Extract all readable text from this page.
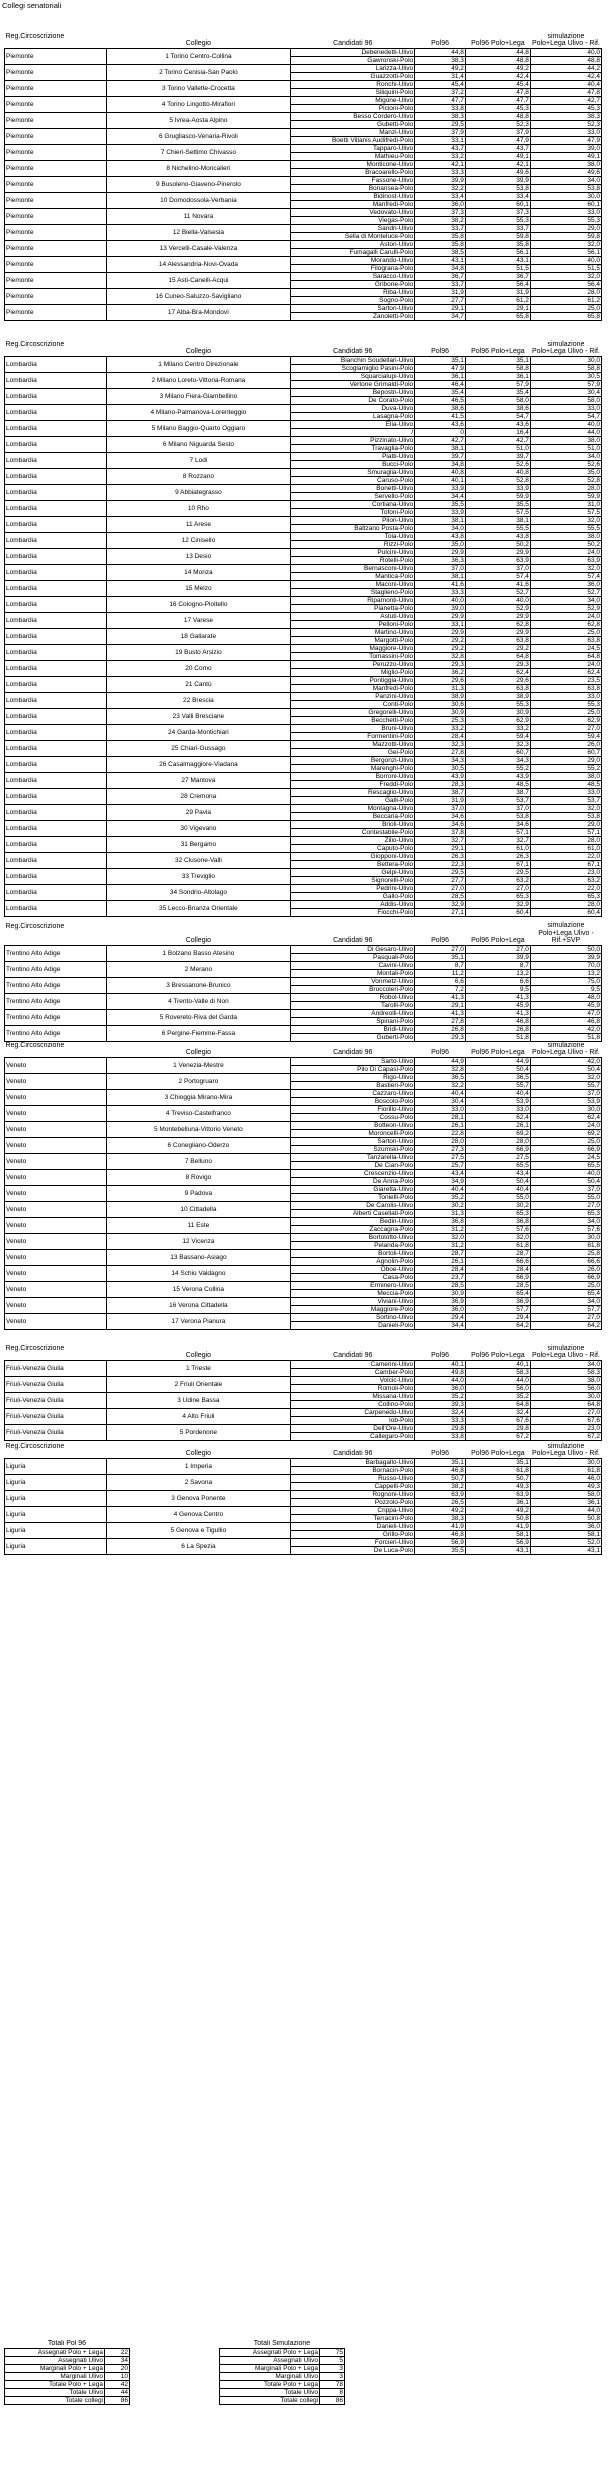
Collegi senatoriali
Reg.Circoscrizione	Collegio	Candidati 96	Pol96	Pol96 Polo+Lega	simulazione Polo+Lega Ulivo - Rif.
Piemonte	1 Torino Centro-Collina	Debenedetti-Ulivo	44,8	44,8	40,0
		Gawronski-Polo	38,3	48,8	48,8
Piemonte	2 Torino Cenisia-San Paolo	Larizza-Ulivo	49,2	49,2	44,2
		Guazzotti-Polo	31,4	42,4	42,4
Piemonte	3 Torino Vallette-Crocetta	Ronchi-Ulivo	45,4	45,4	40,4
		Siliquini-Polo	37,2	47,8	47,8
Piemonte	4 Torino Lingotto-Mirafiori	Migone-Ulivo	47,7	47,7	42,7
		Picioni-Polo	33,8	45,3	45,3
Piemonte	5 Ivrea-Aosta Alpino	Besso Cordero-Ulivo	38,3	48,8	38,3
		Gubetti-Polo	29,5	52,3	52,3
Piemonte	6 Grugliasco-Venaria-Rivoli	Manzi-Ulivo	37,9	37,9	33,0
		Boetti Villanis Audifredi-Polo	33,1	47,9	47,9
Piemonte	7 Chieri-Settimo Chivasso	Tapparo-Ulivo	43,7	43,7	39,0
		Mathieu-Polo	33,2	49,1	49,1
Piemonte	8 Nichelino-Moncalieri	Monticone-Ulivo	42,1	42,1	38,0
		Bracoarello-Polo	33,3	49,6	49,6
Piemonte	9 Busoleno-Giaveno-Pinerolo	Fassone-Ulivo	39,9	39,9	34,0
		Bonansea-Polo	32,2	53,8	53,8
Piemonte	10 Domodossola-Verbania	Bidinost-Ulivo	33,4	33,4	30,0
		Manfredi-Polo	36,0	60,1	60,1
Piemonte	11 Novara	Vedovato-Ulivo	37,3	37,3	33,0
		Viegas-Polo	38,2	55,3	55,3
Piemonte	12 Biella-Valsesia	Sandri-Ulivo	33,7	33,7	29,0
		Sella di Monteluce-Polo	35,8	59,8	59,8
Piemonte	13 Vercelli-Casale-Valenza	Astori-Ulivo	35,8	35,8	32,0
		Fumagalli Carulli-Polo	38,5	56,1	56,1
Piemonte	14 Alessandria-Novi-Ovada	Morando-Ulivo	43,1	43,1	40,0
		Filograna-Polo	34,8	51,5	51,5
Piemonte	15 Asti-Canelli-Acqui	Saracco-Ulivo	36,7	36,7	32,0
		Gribone-Polo	33,7	56,4	56,4
Piemonte	16 Cuneo-Saluzzo-Savigliano	Riba-Ulivo	31,9	31,9	28,0
		Sogno-Polo	27,7	61,2	61,2
Piemonte	17 Alba-Bra-Mondovì	Sartori-Ulivo	29,1	29,1	25,0
		Zanoletti-Polo	34,7	65,8	65,8
Reg.Circoscrizione	Collegio	Candidati 96	Pol96	Pol96 Polo+Lega	simulazione Polo+Lega Ulivo - Rif.
Lombardia	1 Milano Centro Direzionale	Bianchin Soudellari-Ulivo	35,1	35,1	30,0
		Scoglamiglio Pasini-Polo	47,9	58,8	58,8
Lombardia	2 Milano Loreto-Vittoria-Romana	Squarcialupi-Ulivo	36,1	36,1	30,5
		Vertone Grimaldi-Polo	46,4	57,9	57,9
Lombardia	3 Milano Fiera-Giambellino	Bepostri-Ulivo	35,4	35,4	30,4
		De Corato-Polo	46,5	58,0	58,0
Lombardia	4 Milano-Palmanova-Lorenteggio	Duva-Ulivo	38,6	38,6	33,0
		Lasagna-Polo	41,5	54,7	54,7
Lombardia	5 Milano Baggio-Quarto Oggiaro	Elia-Ulivo	43,6	43,6	40,0
		/	0	16,4	44,0
Lombardia	6 Milano Niguarda Sesto	Pizzinato-Ulivo	42,7	42,7	38,0
		Travaglia-Polo	38,1	51,0	51,0
Lombardia	7 Lodi	Piatti-Ulivo	39,7	39,7	34,0
		Bucci-Polo	34,8	52,6	52,6
Lombardia	8 Rozzano	Smuraglia-Ulivo	40,8	40,8	35,0
		Caruso-Polo	40,1	52,8	52,8
Lombardia	9 Abbiategrasso	Bonetti-Ulivo	33,9	33,9	28,0
		Servello-Polo	34,4	59,9	59,9
Lombardia	10 Rho	Cortiana-Ulivo	35,5	35,5	31,0
		Tofoni-Polo	33,9	57,5	57,5
Lombardia	11 Arese	Pilori-Ulivo	38,1	38,1	32,0
		Baltzano Posta-Polo	34,0	55,5	55,5
Lombardia	12 Cinisello	Toia-Ulivo	43,8	43,8	38,0
		Rizzi-Polo	35,0	50,2	50,2
Lombardia	13 Desio	Pulcini-Ulivo	29,9	29,9	24,0
		Rotelli-Polo	36,3	63,9	63,9
Lombardia	14 Monza	Bernasconi-Ulivo	37,0	37,0	32,0
		Mantica-Polo	38,1	57,4	57,4
Lombardia	15 Melzo	Maconi-Ulivo	41,6	41,6	36,0
		Staglieno-Polo	33,3	52,7	52,7
Lombardia	16 Cologno-Pioltello	Ripamonti-Ulivo	40,0	40,0	34,0
		Pianetta-Polo	39,0	52,9	52,9
Lombardia	17 Varese	Astuti-Ulivo	29,9	29,9	24,0
		Pelloni-Polo	33,1	62,8	62,8
Lombardia	18 Gallarate	Martino-Ulivo	29,9	29,9	25,0
		Margotti-Polo	29,2	63,8	63,8
Lombardia	19 Busto Arsizio	Maggiore-Ulivo	29,2	29,2	24,5
		Tomassini-Polo	32,8	64,8	64,8
Lombardia	20 Como	Peruzzo-Ulivo	29,3	29,3	24,0
		Miglio-Polo	36,2	62,4	62,4
Lombardia	21 Cantù	Pontiggia-Ulivo	29,6	29,6	23,5
		Manfredi-Polo	31,3	63,8	63,8
Lombardia	22 Brescia	Panzini-Ulivo	38,9	38,9	33,0
		Conti-Polo	30,6	55,3	55,3
Lombardia	23 Valli Bresciane	Gregorelli-Ulivo	30,9	30,9	25,0
		Becchetti-Polo	25,3	62,9	62,9
Lombardia	24 Garda-Montichiari	Bruni-Ulivo	33,2	33,2	27,0
		Formentini-Polo	28,4	59,4	59,4
Lombardia	25 Chiari-Gussago	Mazzotti-Ulivo	32,3	32,3	26,0
		Gei-Polo	27,8	60,7	60,7
Lombardia	26 Casalmaggiore-Viadana	Bergonzi-Ulivo	34,3	34,3	29,0
		Marenghi-Polo	30,5	55,2	55,2
Lombardia	27 Mantova	Borroni-Ulivo	43,9	43,9	38,0
		Freddi-Polo	28,3	48,5	48,5
Lombardia	28 Cremona	Rescaglio-Ulivo	38,7	38,7	33,0
		Galli-Polo	31,9	53,7	53,7
Lombardia	29 Pavia	Montagna-Ulivo	37,0	37,0	32,0
		Beccaria-Polo	34,6	53,8	53,8
Lombardia	30 Vigevano	Brioli-Ulivo	34,6	34,6	29,0
		Contestabile-Polo	37,8	57,1	57,1
Lombardia	31 Bergamo	Zilio-Ulivo	32,7	32,7	28,0
		Caputo-Polo	29,1	61,0	61,0
Lombardia	32 Clusone-Valli	Giopponi-Ulivo	26,3	26,3	22,0
		Bettera-Polo	22,3	67,1	67,1
Lombardia	33 Treviglio	Gelpi-Ulivo	29,5	29,5	23,0
		Signorelli-Polo	27,7	63,2	63,2
Lombardia	34 Sondrio-Altolago	Pedrini-Ulivo	27,0	27,0	22,0
		Gallo-Polo	28,5	65,3	65,3
Lombardia	35 Lecco-Brianza Orientale	Addis-Ulivo	32,9	32,9	28,0
		Fiocchi-Polo	27,1	60,4	60,4
Reg.Circoscrizione	Collegio	Candidati 96	Pol96	Pol96 Polo+Lega	simulazione Polo+Lega Ulivo - Rif.+SVP
Trentino Alto Adige	1 Bolzano Basso Atesino	Di Gesaro-Ulivo	27,0	27,0	50,0
		Pasquali-Polo	35,1	39,9	39,9
Trentino Alto Adige	2 Merano	Cavini-Ulivo	8,7	8,7	70,0
		Montali-Polo	11,2	13,2	13,2
Trentino Alto Adige	3 Bressanone-Brunico	Vonmetz-Ulivo	6,6	6,6	75,0
		Bruccoleri-Polo	7,2	9,5	9,5
Trentino Alto Adige	4 Trento-Valle di Non	Robol-Ulivo	41,3	41,3	48,0
		Tarolli-Polo	29,1	45,9	45,9
Trentino Alto Adige	5 Rovereto-Riva del Garda	Andreolli-Ulivo	41,3	41,3	47,0
		Spinani-Polo	27,8	46,8	46,8
Trentino Alto Adige	6 Pergine-Fiemme-Fassa	Bridi-Ulivo	26,8	26,8	42,0
		Guberti-Polo	29,3	51,8	51,8
Reg.Circoscrizione	Collegio	Candidati 96	Pol96	Pol96 Polo+Lega	simulazione Polo+Lega Ulivo - Rif.
Veneto	1 Venezia-Mestre	Sarto-Ulivo	44,9	44,9	42,0
		Pilo Di Capasi-Polo	32,8	50,4	50,4
Veneto	2 Portogruaro	Rigo-Ulivo	36,5	36,5	32,0
		Bastieri-Polo	32,2	55,7	55,7
Veneto	3 Chioggia Mirano-Mira	Cazzaro-Ulivo	40,4	40,4	37,0
		Boscolo-Polo	30,4	53,9	53,9
Veneto	4 Treviso-Castelfranco	Fiorillo-Ulivo	33,0	33,0	30,0
		Cossu-Polo	28,1	62,4	62,4
Veneto	5 Montebelluna-Vittorio Veneto	Botteon-Ulivo	26,1	26,1	24,0
		Moroncelli-Polo	22,8	69,2	69,2
Veneto	6 Conegliano-Oderzo	Sarton-Ulivo	28,0	28,0	25,0
		Szumski-Polo	27,3	66,9	66,9
Veneto	7 Belluno	Tanzarella-Ulivo	27,5	27,5	24,5
		De Cian-Polo	25,7	65,5	65,5
Veneto	8 Rovigo	Crescenzio-Ulivo	43,4	43,4	40,0
		De Anna-Polo	34,9	50,4	50,4
Veneto	9 Padova	Giaretta-Ulivo	40,4	40,4	37,0
		Tonielli-Polo	35,2	55,0	55,0
Veneto	10 Cittadella	De Carolis-Ulivo	30,2	30,2	27,0
		Alberti Casellati-Polo	31,3	65,3	65,3
Veneto	11 Este	Bedin-Ulivo	36,8	36,8	34,0
		Zaccagna-Polo	31,2	57,6	57,6
Veneto	12 Vicenza	Bortolotto-Ulivo	32,0	32,0	30,0
		Pelanda-Polo	31,2	61,8	61,8
Veneto	13 Bassano-Asiago	Bortoli-Ulivo	28,7	28,7	25,8
		Agnolin-Polo	26,1	66,6	66,6
Veneto	14 Schio Valdagno	Oboe-Ulivo	28,4	28,4	26,0
		Casa-Polo	23,7	66,9	66,9
Veneto	15 Verona Collina	Erminero-Ulivo	28,5	28,5	25,0
		Meccia-Polo	30,9	65,4	65,4
Veneto	16 Verona Cittadella	Viviani-Ulivo	36,9	36,9	34,0
		Maggiore-Polo	36,0	57,7	57,7
Veneto	17 Verona Pianura	Sortino-Ulivo	29,4	29,4	27,0
		Danieli-Polo	34,4	64,2	64,2
Reg.Circoscrizione	Collegio	Candidati 96	Pol96	Pol96 Polo+Lega	simulazione Polo+Lega Ulivo - Rif.
Friuli-Venezia Giulia	1 Trieste	Camerini-Ulivo	40,1	40,1	34,0
		Camber-Polo	49,8	58,3	58,3
Friuli-Venezia Giulia	2 Friuli Orientale	Volcic-Ulivo	44,0	44,0	38,0
		Romoli-Polo	36,0	56,0	56,0
Friuli-Venezia Giulia	3 Udine Bassa	Missana-Ulivo	35,2	35,2	30,0
		Collino-Polo	39,3	64,8	64,8
Friuli-Venezia Giulia	4 Alto Friuli	Carpenedo-Ulivo	32,4	32,4	27,0
		Iob-Polo	33,3	67,6	67,6
Friuli-Venezia Giulia	5 Pordenone	Dell'Ore-Ulivo	29,8	29,8	23,0
		Callegaro-Polo	33,8	67,2	67,2
Reg.Circoscrizione	Collegio	Candidati 96	Pol96	Pol96 Polo+Lega	simulazione Polo+Lega Ulivo - Rif.
Liguria	1 Imperia	Barbagallo-Ulivo	35,1	35,1	30,0
		Bornacin-Polo	46,8	61,8	61,8
Liguria	2 Savona	Russo-Ulivo	50,7	50,7	46,0
		Cappelli-Polo	38,2	49,3	49,3
Liguria	3 Genova Ponente	Rognoni-Ulivo	63,9	63,9	58,0
		Pozzolo-Polo	26,5	36,1	36,1
Liguria	4 Genova Centro	Crippa-Ulivo	49,2	49,2	44,0
		Terracini-Polo	38,3	50,8	50,8
Liguria	5 Genova e Tigullio	Danieli-Ulivo	41,9	41,9	36,0
		Grillo-Polo	46,8	58,1	58,1
Liguria	6 La Spezia	Forcieri-Ulivo	56,9	56,9	52,0
		De Luca-Polo	35,5	43,1	43,1
Totali Pol 96			Totali Simulazione	
Assegnati Polo + Lega	22		Assegnati Polo + Lega	75
Assegnati Ulivo	34		Assegnati Ulivo	5
Marginali Polo + Lega	20		Marginali Polo + Lega	3
Marginali Ulivo	10		Marginali Ulivo	3
Totale Polo + Lega	42		Totale Polo + Lega	78
Totale Ulivo	44		Totale Ulivo	8
Totale collegi	86		Totale collegi	86
